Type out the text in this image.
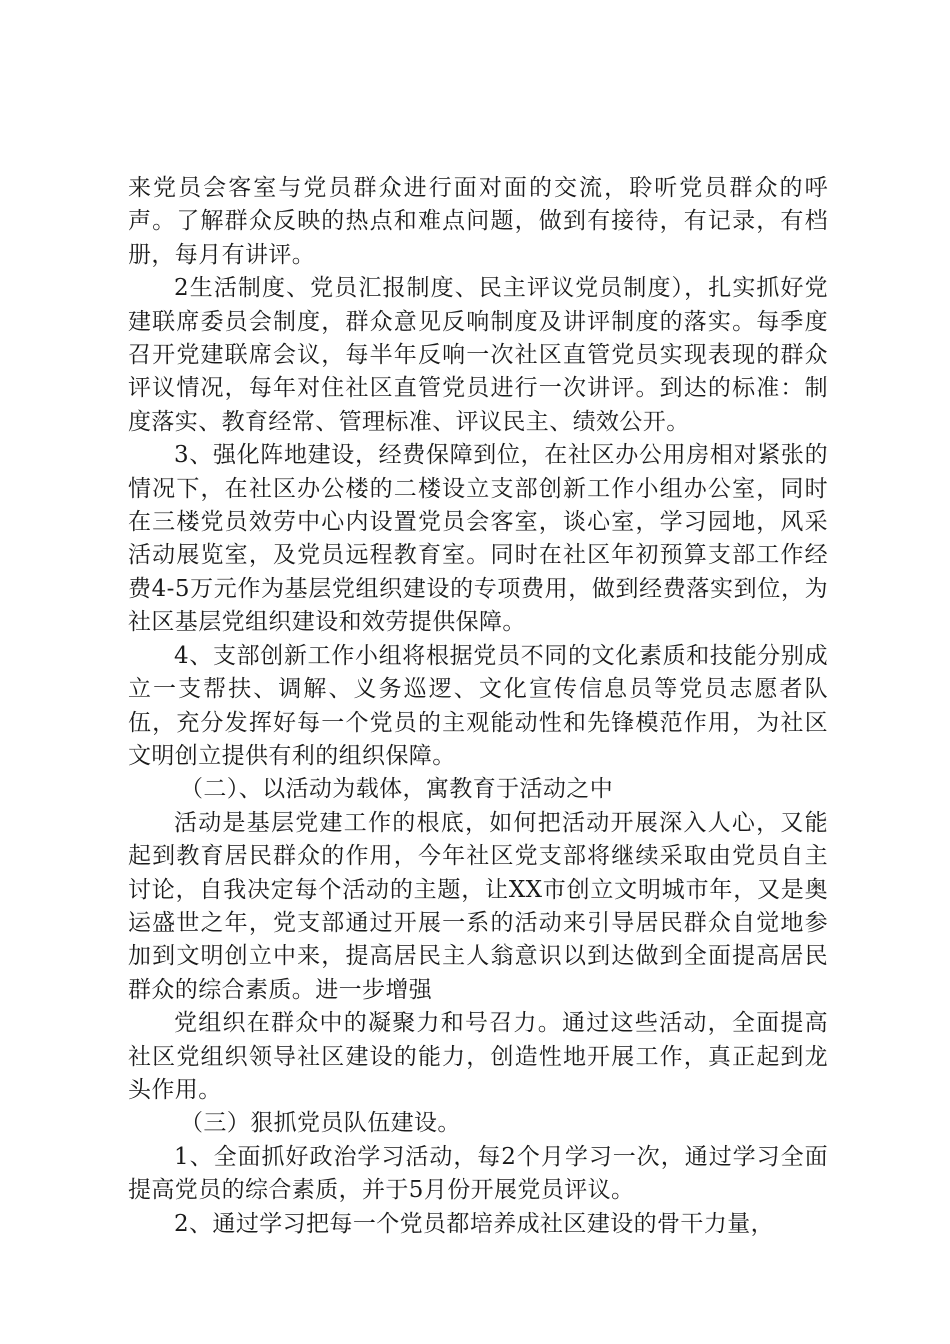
来党员会客室与党员群众进行面对面的交流，聆听党员群众的呼声。了解群众反映的热点和难点问题，做到有接待，有记录，有档册，每月有讲评。

2生活制度、党员汇报制度、民主评议党员制度），扎实抓好党建联席委员会制度，群众意见反响制度及讲评制度的落实。每季度召开党建联席会议，每半年反响一次社区直管党员实现表现的群众评议情况，每年对住社区直管党员进行一次讲评。到达的标准：制度落实、教育经常、管理标准、评议民主、绩效公开。

3、强化阵地建设，经费保障到位，在社区办公用房相对紧张的情况下，在社区办公楼的二楼设立支部创新工作小组办公室，同时在三楼党员效劳中心内设置党员会客室，谈心室，学习园地，风采活动展览室，及党员远程教育室。同时在社区年初预算支部工作经费4-5万元作为基层党组织建设的专项费用，做到经费落实到位，为社区基层党组织建设和效劳提供保障。

4、支部创新工作小组将根据党员不同的文化素质和技能分别成立一支帮扶、调解、义务巡逻、文化宣传信息员等党员志愿者队伍，充分发挥好每一个党员的主观能动性和先锋模范作用，为社区文明创立提供有利的组织保障。

（二）、以活动为载体，寓教育于活动之中

活动是基层党建工作的根底，如何把活动开展深入人心，又能起到教育居民群众的作用，今年社区党支部将继续采取由党员自主讨论，自我决定每个活动的主题，让XX市创立文明城市年，又是奥运盛世之年，党支部通过开展一系的活动来引导居民群众自觉地参加到文明创立中来，提高居民主人翁意识以到达做到全面提高居民群众的综合素质。进一步增强

党组织在群众中的凝聚力和号召力。通过这些活动，全面提高社区党组织领导社区建设的能力，创造性地开展工作，真正起到龙头作用。

（三）狠抓党员队伍建设。

1、全面抓好政治学习活动，每2个月学习一次，通过学习全面提高党员的综合素质，并于5月份开展党员评议。

2、通过学习把每一个党员都培养成社区建设的骨干力量，
